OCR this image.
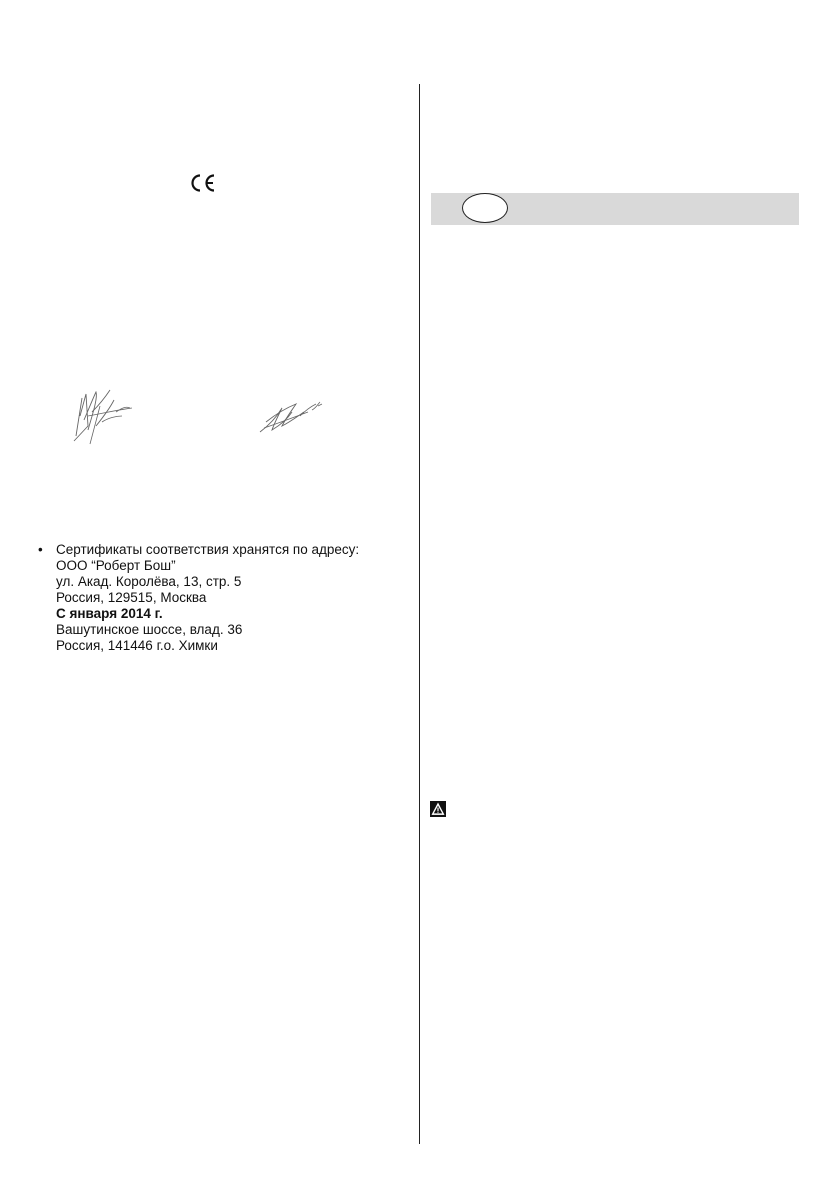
• Сертификаты соответствия хранятся по адресу:
ООО “Роберт Бош”
ул. Акад. Королёва, 13, стр. 5
Россия, 129515, Москва
С января 2014 г.
Вашутинское шоссе, влад. 36
Россия, 141446 г.о. Химки
